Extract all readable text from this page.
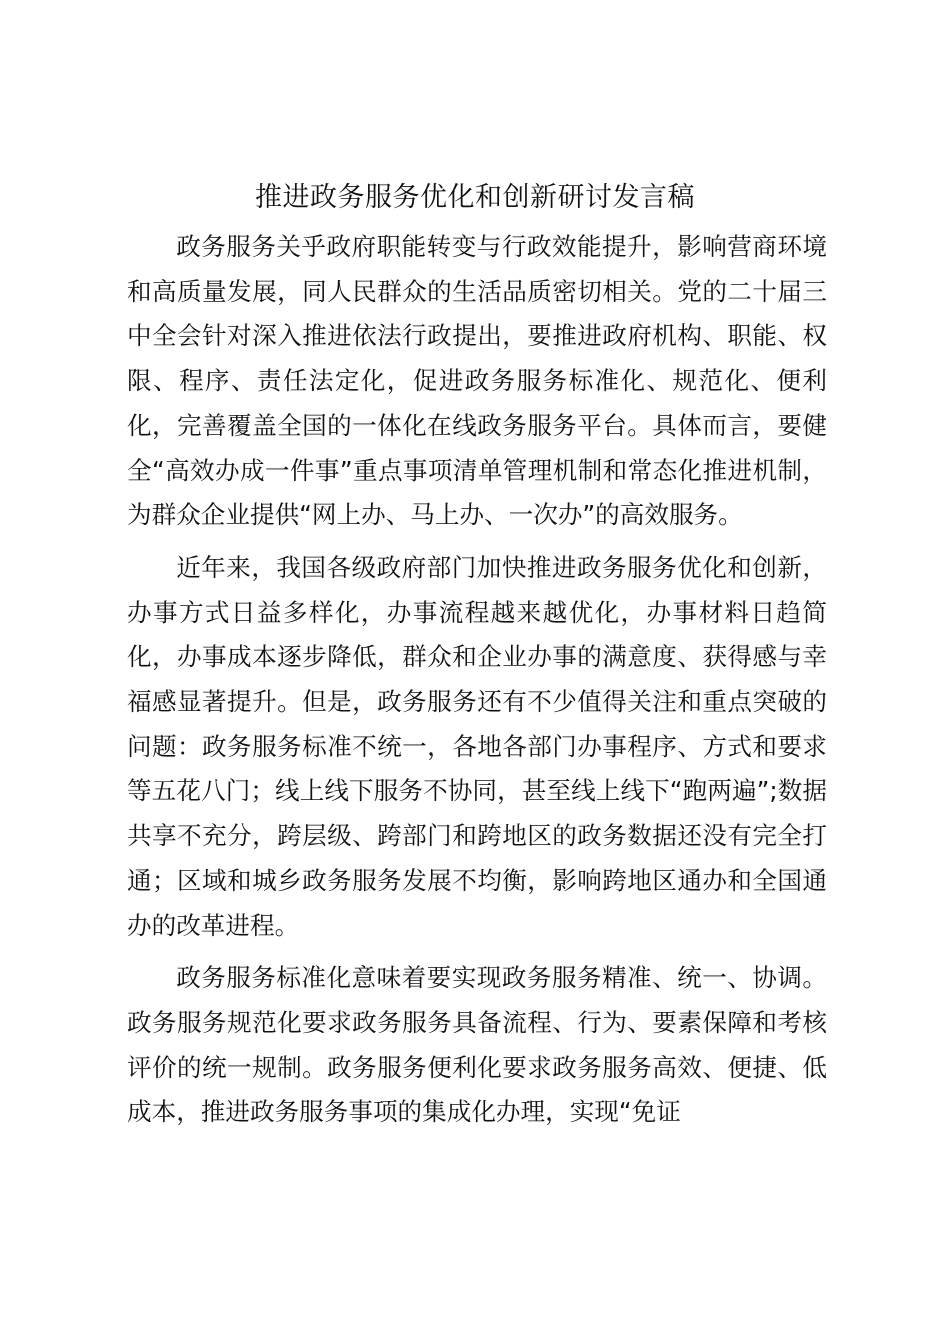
推进政务服务优化和创新研讨发言稿

政务服务关乎政府职能转变与行政效能提升，影响营商环境和高质量发展，同人民群众的生活品质密切相关。党的二十届三中全会针对深入推进依法行政提出，要推进政府机构、职能、权限、程序、责任法定化，促进政务服务标准化、规范化、便利化，完善覆盖全国的一体化在线政务服务平台。具体而言，要健全“高效办成一件事”重点事项清单管理机制和常态化推进机制，为群众企业提供“网上办、马上办、一次办”的高效服务。

近年来，我国各级政府部门加快推进政务服务优化和创新，办事方式日益多样化，办事流程越来越优化，办事材料日趋简化，办事成本逐步降低，群众和企业办事的满意度、获得感与幸福感显著提升。但是，政务服务还有不少值得关注和重点突破的问题：政务服务标准不统一，各地各部门办事程序、方式和要求等五花八门；线上线下服务不协同，甚至线上线下“跑两遍”;数据共享不充分，跨层级、跨部门和跨地区的政务数据还没有完全打通；区域和城乡政务服务发展不均衡，影响跨地区通办和全国通办的改革进程。

政务服务标准化意味着要实现政务服务精准、统一、协调。政务服务规范化要求政务服务具备流程、行为、要素保障和考核评价的统一规制。政务服务便利化要求政务服务高效、便捷、低成本，推进政务服务事项的集成化办理，实现“免证
